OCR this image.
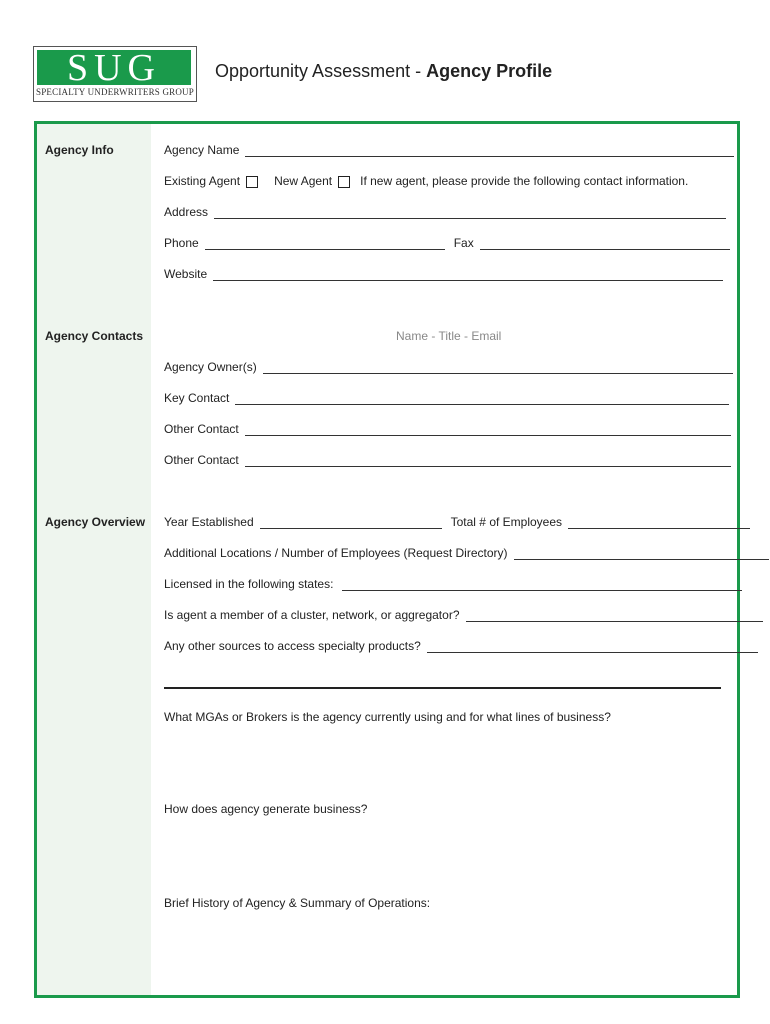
SUG
SPECIALTY UNDERWRITERS GROUP
Opportunity Assessment - Agency Profile
Agency Info
Agency Contacts
Agency Overview
Agency Name
Existing Agent	New Agent If new agent, please provide the following contact information.
Address
Phone	Fax
Website
Name - Title - Email
Agency Owner(s)
Key Contact
Other Contact
Other Contact
Year Established	Total # of Employees
Additional Locations / Number of Employees (Request Directory)
Licensed in the following states:
Is agent a member of a cluster, network, or aggregator?
Any other sources to access specialty products?
What MGAs or Brokers is the agency currently using and for what lines of business?
How does agency generate business?
Brief History of Agency & Summary of Operations:
